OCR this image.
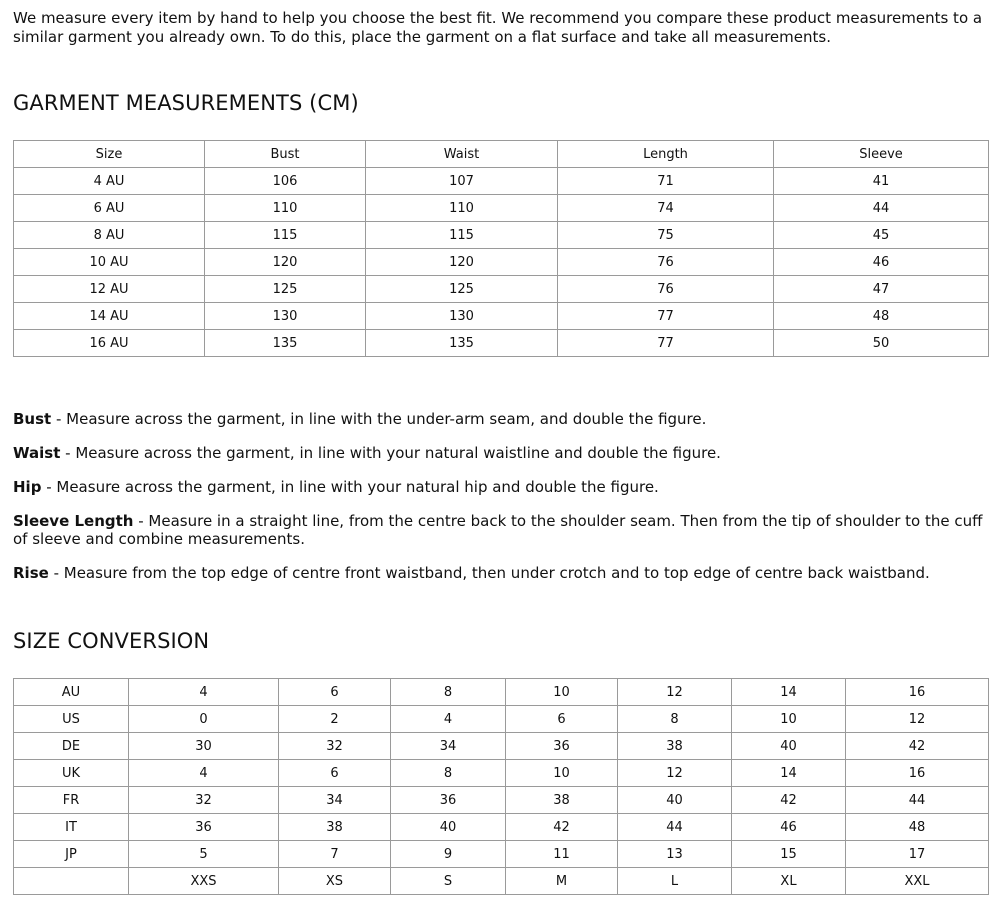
We measure every item by hand to help you choose the best fit. We recommend you compare these product measurements to a similar garment you already own. To do this, place the garment on a flat surface and take all measurements.

GARMENT MEASUREMENTS (CM)
Size	Bust	Waist	Length	Sleeve
4 AU	106	107	71	41
6 AU	110	110	74	44
8 AU	115	115	75	45
10 AU	120	120	76	46
12 AU	125	125	76	47
14 AU	130	130	77	48
16 AU	135	135	77	50

Bust - Measure across the garment, in line with the under-arm seam, and double the figure.

Waist - Measure across the garment, in line with your natural waistline and double the figure.

Hip - Measure across the garment, in line with your natural hip and double the figure.

Sleeve Length - Measure in a straight line, from the centre back to the shoulder seam. Then from the tip of shoulder to the cuff of sleeve and combine measurements.

Rise - Measure from the top edge of centre front waistband, then under crotch and to top edge of centre back waistband.

SIZE CONVERSION
AU	4	6	8	10	12	14	16
US	0	2	4	6	8	10	12
DE	30	32	34	36	38	40	42
UK	4	6	8	10	12	14	16
FR	32	34	36	38	40	42	44
IT	36	38	40	42	44	46	48
JP	5	7	9	11	13	15	17
	XXS	XS	S	M	L	XL	XXL
